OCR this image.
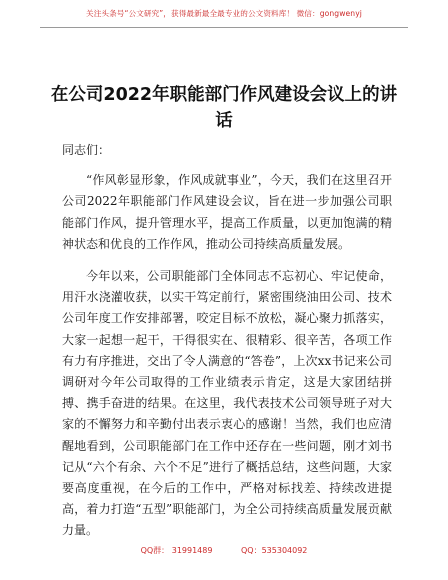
关注头条号“公文研究”，获得最新最全最专业的公文资料库！ 微信：gongwenyj
在公司2022年职能部门作风建设会议上的讲话

同志们：

“作风彰显形象，作风成就事业”，今天，我们在这里召开公司2022年职能部门作风建设会议，旨在进一步加强公司职能部门作风，提升管理水平，提高工作质量，以更加饱满的精神状态和优良的工作作风，推动公司持续高质量发展。

今年以来，公司职能部门全体同志不忘初心、牢记使命，用汗水浇灌收获，以实干笃定前行，紧密围绕油田公司、技术公司年度工作安排部署，咬定目标不放松，凝心聚力抓落实，大家一起想一起干，干得很实在、很精彩、很辛苦，各项工作有力有序推进，交出了令人满意的“答卷”，上次xx书记来公司调研对今年公司取得的工作业绩表示肯定，这是大家团结拼搏、携手奋进的结果。在这里，我代表技术公司领导班子对大家的不懈努力和辛勤付出表示衷心的感谢！当然，我们也应清醒地看到，公司职能部门在工作中还存在一些问题，刚才刘书记从“六个有余、六个不足”进行了概括总结，这些问题，大家要高度重视，在今后的工作中，严格对标找差、持续改进提高，着力打造“五型”职能部门，为全公司持续高质量发展贡献力量。

QQ群： 31991489	QQ：535304092
